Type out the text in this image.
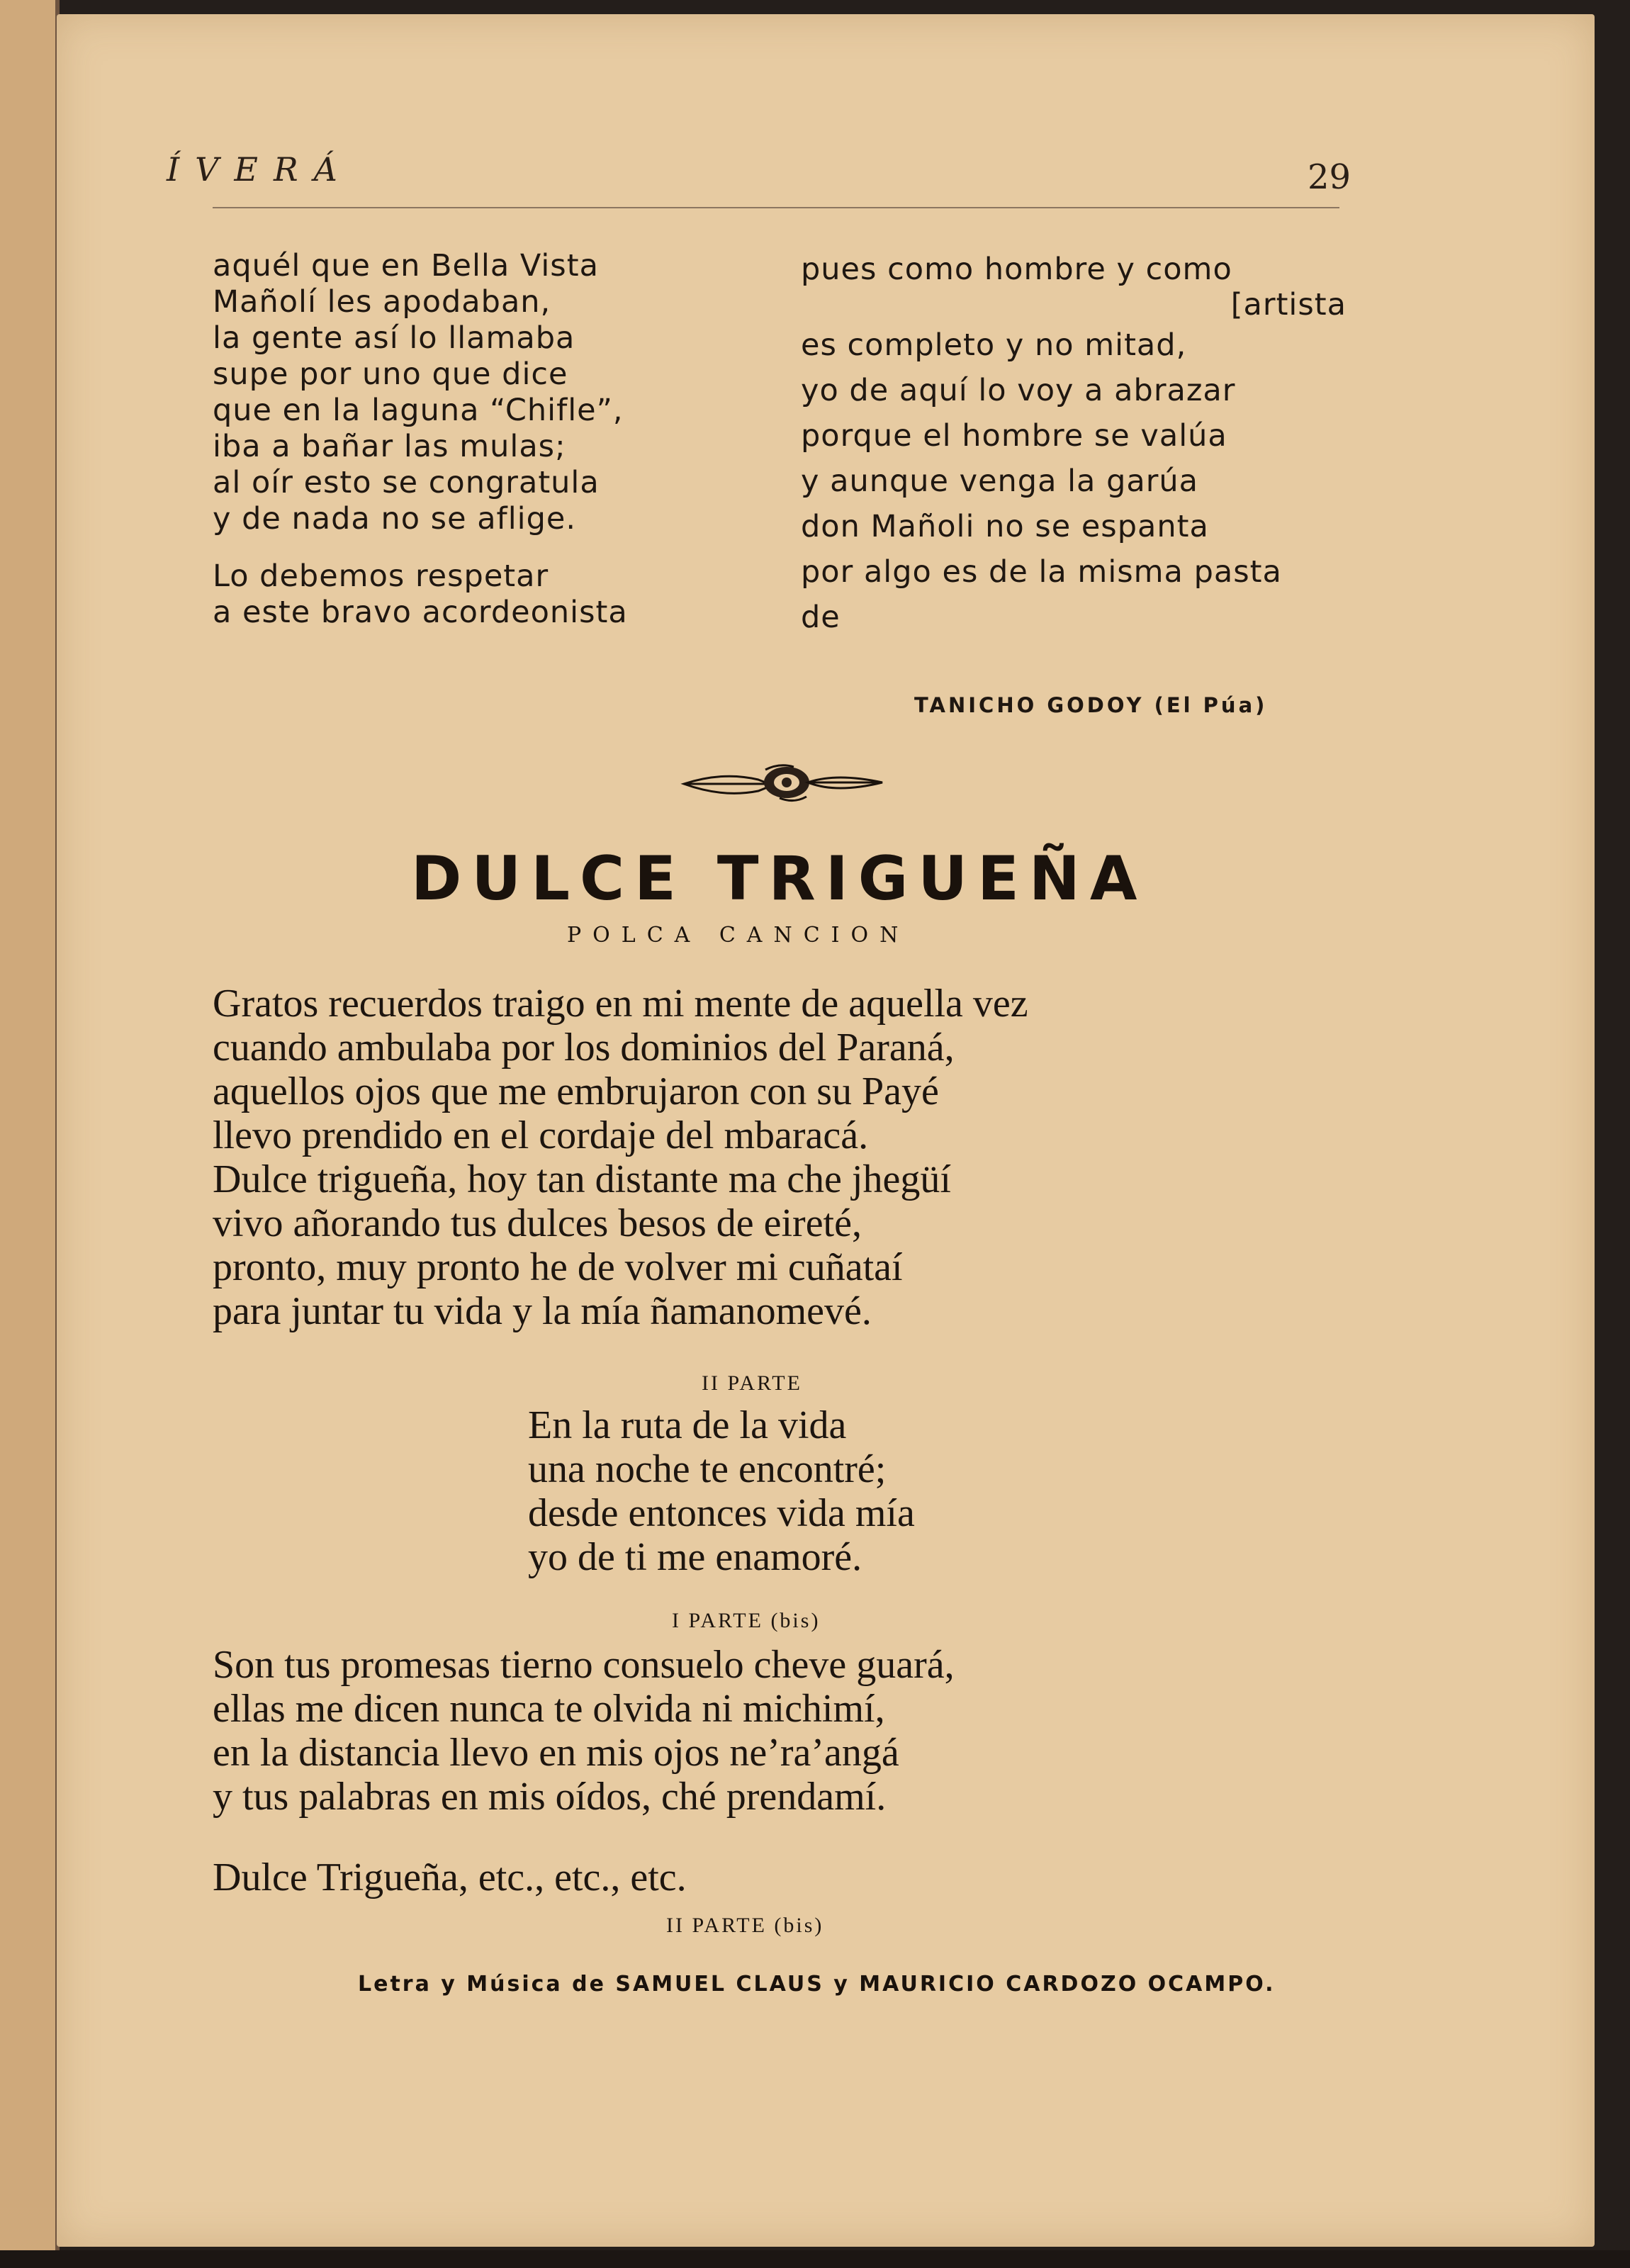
ÍVERÁ	29
aquél que en Bella Vista
Mañolí les apodaban,
la gente así lo llamaba
supe por uno que dice
que en la laguna “Chifle”,
iba a bañar las mulas;
al oír esto se congratula
y de nada no se aflige.
Lo debemos respetar
a este bravo acordeonista
pues como hombre y como
[artista
es completo y no mitad,
yo de aquí lo voy a abrazar
porque el hombre se valúa
y aunque venga la garúa
don Mañoli no se espanta
por algo es de la misma pasta
de
TANICHO GODOY (El Púa)
DULCE TRIGUEÑA
POLCA CANCION
Gratos recuerdos traigo en mi mente de aquella vez
cuando ambulaba por los dominios del Paraná,
aquellos ojos que me embrujaron con su Payé
llevo prendido en el cordaje del mbaracá.
Dulce trigueña, hoy tan distante ma che jhegüí
vivo añorando tus dulces besos de eireté,
pronto, muy pronto he de volver mi cuñataí
para juntar tu vida y la mía ñamanomevé.
II PARTE
En la ruta de la vida
una noche te encontré;
desde entonces vida mía
yo de ti me enamoré.
I PARTE (bis)
Son tus promesas tierno consuelo cheve guará,
ellas me dicen nunca te olvida ni michimí,
en la distancia llevo en mis ojos ne’ra’angá
y tus palabras en mis oídos, ché prendamí.
Dulce Trigueña, etc., etc., etc.
II PARTE (bis)
Letra y Música de SAMUEL CLAUS y MAURICIO CARDOZO OCAMPO.
